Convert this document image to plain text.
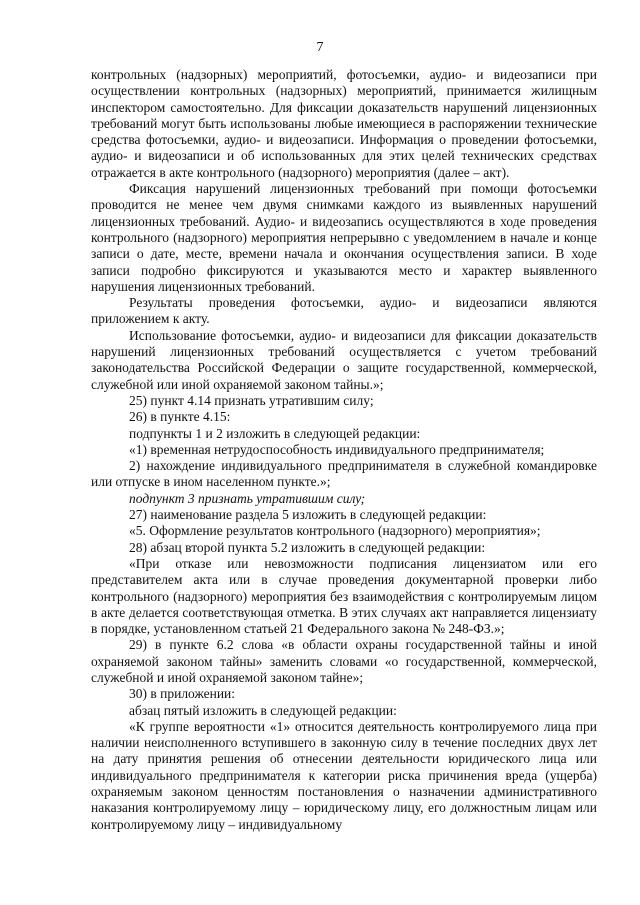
7

контрольных (надзорных) мероприятий, фотосъемки, аудио- и видеозаписи при осуществлении контрольных (надзорных) мероприятий, принимается жилищным инспектором самостоятельно. Для фиксации доказательств нарушений лицензионных требований могут быть использованы любые имеющиеся в распоряжении технические средства фотосъемки, аудио- и видеозаписи. Информация о проведении фотосъемки, аудио- и видеозаписи и об использованных для этих целей технических средствах отражается в акте контрольного (надзорного) мероприятия (далее – акт).

Фиксация нарушений лицензионных требований при помощи фотосъемки проводится не менее чем двумя снимками каждого из выявленных нарушений лицензионных требований. Аудио- и видеозапись осуществляются в ходе проведения контрольного (надзорного) мероприятия непрерывно с уведомлением в начале и конце записи о дате, месте, времени начала и окончания осуществления записи. В ходе записи подробно фиксируются и указываются место и характер выявленного нарушения лицензионных требований.

Результаты проведения фотосъемки, аудио- и видеозаписи являются приложением к акту.

Использование фотосъемки, аудио- и видеозаписи для фиксации доказательств нарушений лицензионных требований осуществляется с учетом требований законодательства Российской Федерации о защите государственной, коммерческой, служебной или иной охраняемой законом тайны.»;

25) пункт 4.14 признать утратившим силу;

26) в пункте 4.15:

подпункты 1 и 2 изложить в следующей редакции:

«1) временная нетрудоспособность индивидуального предпринимателя;

2) нахождение индивидуального предпринимателя в служебной командировке или отпуске в ином населенном пункте.»;

подпункт 3 признать утратившим силу;

27) наименование раздела 5 изложить в следующей редакции:

«5. Оформление результатов контрольного (надзорного) мероприятия»;

28) абзац второй пункта 5.2 изложить в следующей редакции:

«При отказе или невозможности подписания лицензиатом или его представителем акта или в случае проведения документарной проверки либо контрольного (надзорного) мероприятия без взаимодействия с контролируемым лицом в акте делается соответствующая отметка. В этих случаях акт направляется лицензиату в порядке, установленном статьей 21 Федерального закона № 248-ФЗ.»;

29) в пункте 6.2 слова «в области охраны государственной тайны и иной охраняемой законом тайны» заменить словами «о государственной, коммерческой, служебной и иной охраняемой законом тайне»;

30) в приложении:

абзац пятый изложить в следующей редакции:

«К группе вероятности «1» относится деятельность контролируемого лица при наличии неисполненного вступившего в законную силу в течение последних двух лет на дату принятия решения об отнесении деятельности юридического лица или индивидуального предпринимателя к категории риска причинения вреда (ущерба) охраняемым законом ценностям постановления о назначении административного наказания контролируемому лицу – юридическому лицу, его должностным лицам или контролируемому лицу – индивидуальному
